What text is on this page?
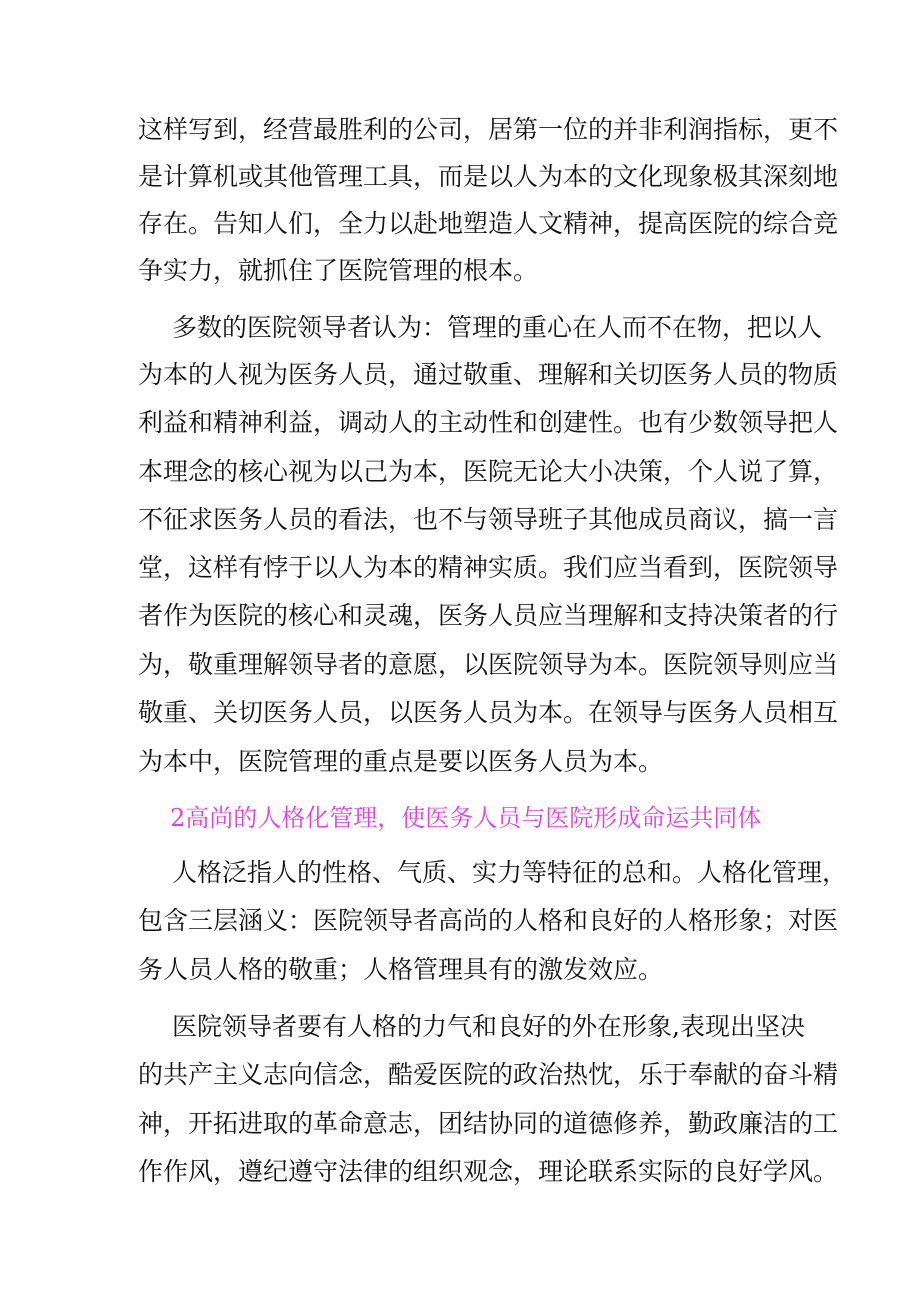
这样写到，经营最胜利的公司，居第一位的并非利润指标，更不
是计算机或其他管理工具，而是以人为本的文化现象极其深刻地
存在。告知人们，全力以赴地塑造人文精神，提高医院的综合竞
争实力，就抓住了医院管理的根本。
多数的医院领导者认为：管理的重心在人而不在物，把以人
为本的人视为医务人员，通过敬重、理解和关切医务人员的物质
利益和精神利益，调动人的主动性和创建性。也有少数领导把人
本理念的核心视为以己为本，医院无论大小决策，个人说了算，
不征求医务人员的看法，也不与领导班子其他成员商议，搞一言
堂，这样有悖于以人为本的精神实质。我们应当看到，医院领导
者作为医院的核心和灵魂，医务人员应当理解和支持决策者的行
为，敬重理解领导者的意愿，以医院领导为本。医院领导则应当
敬重、关切医务人员，以医务人员为本。在领导与医务人员相互
为本中，医院管理的重点是要以医务人员为本。
2高尚的人格化管理，使医务人员与医院形成命运共同体
人格泛指人的性格、气质、实力等特征的总和。人格化管理，
包含三层涵义：医院领导者高尚的人格和良好的人格形象；对医
务人员人格的敬重；人格管理具有的激发效应。
医院领导者要有人格的力气和良好的外在形象,表现出坚决
的共产主义志向信念，酷爱医院的政治热忱，乐于奉献的奋斗精
神，开拓进取的革命意志，团结协同的道德修养，勤政廉洁的工
作作风，遵纪遵守法律的组织观念，理论联系实际的良好学风。
